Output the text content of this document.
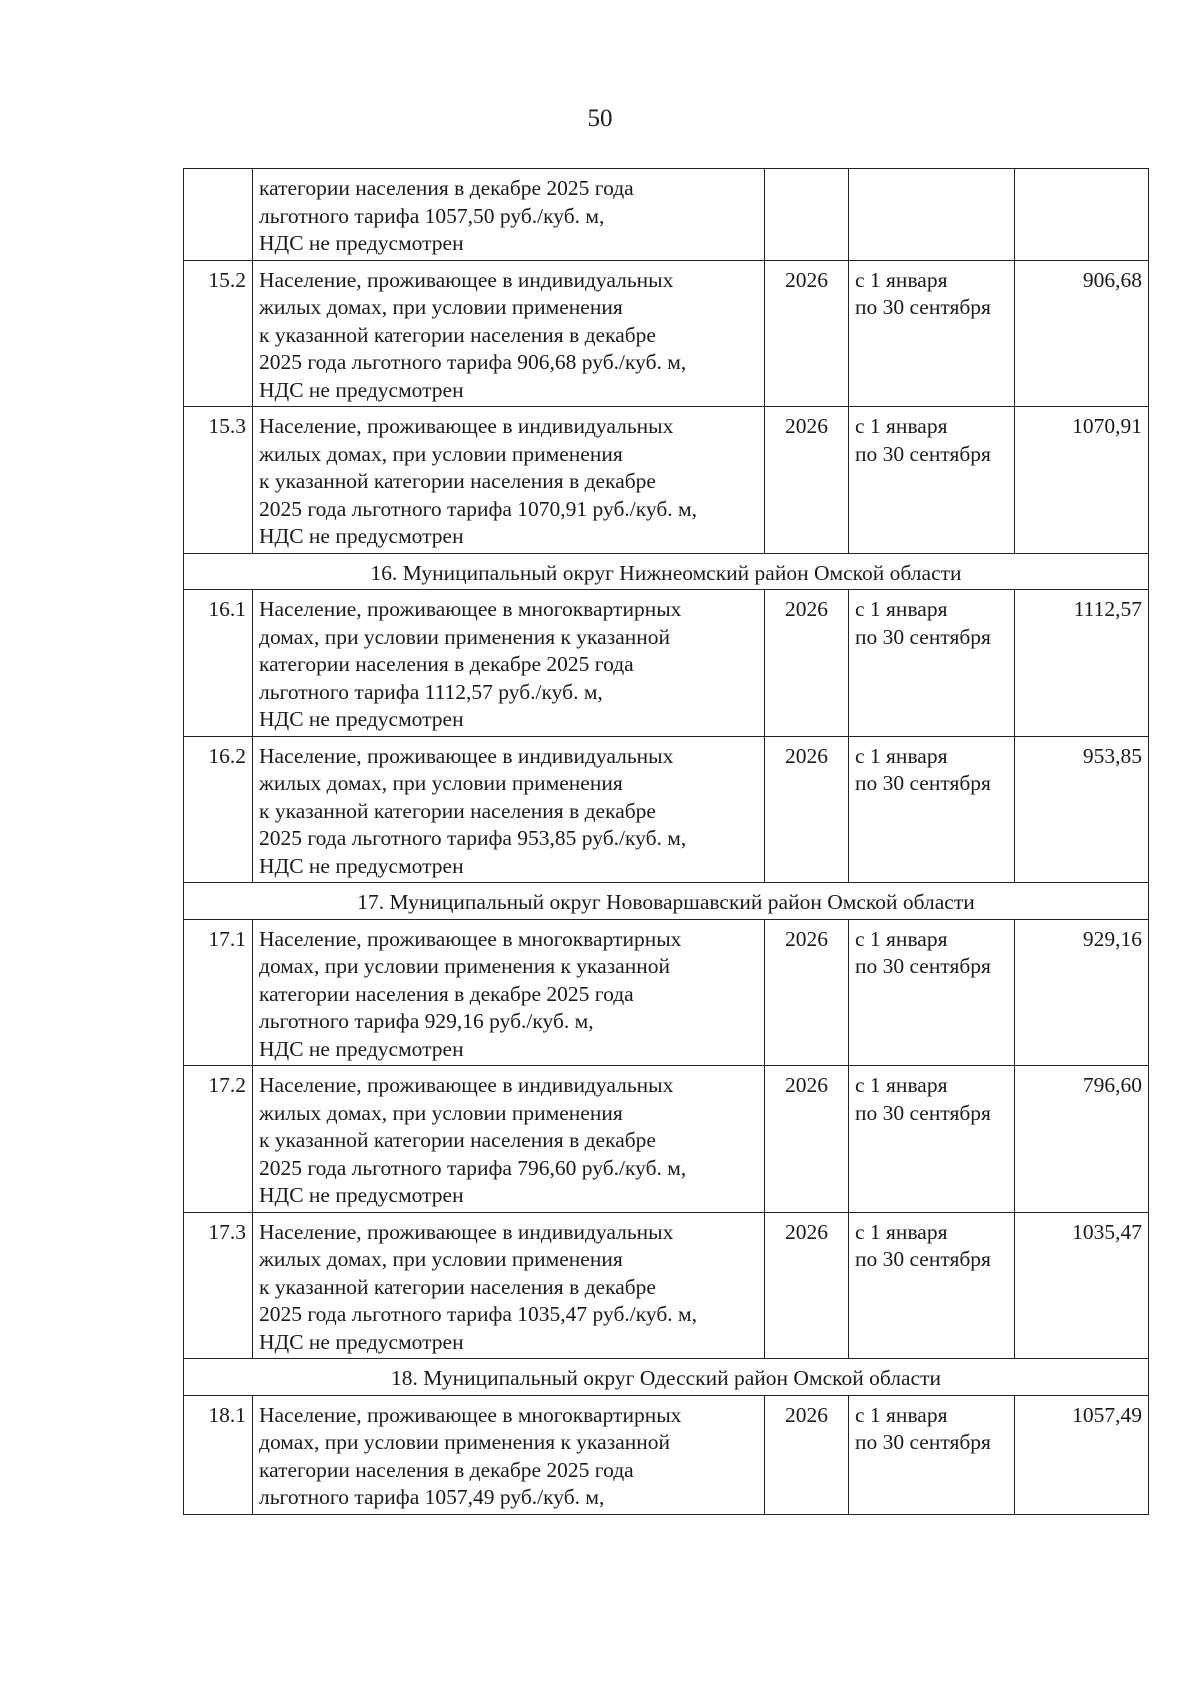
50

	категории населения в декабре 2025 года
льготного тарифа 1057,50 руб./куб. м,
НДС не предусмотрен			

15.2	Население, проживающее в индивидуальных
жилых домах, при условии применения
к указанной категории населения в декабре
2025 года льготного тарифа 906,68 руб./куб. м,
НДС не предусмотрен	2026	с 1 января
по 30 сентября	906,68
15.3	Население, проживающее в индивидуальных
жилых домах, при условии применения
к указанной категории населения в декабре
2025 года льготного тарифа 1070,91 руб./куб. м,
НДС не предусмотрен	2026	с 1 января
по 30 сентября	1070,91
16. Муниципальный округ Нижнеомский район Омской области				
16.1	Население, проживающее в многоквартирных
домах, при условии применения к указанной
категории населения в декабре 2025 года
льготного тарифа 1112,57 руб./куб. м,
НДС не предусмотрен	2026	с 1 января
по 30 сентября	1112,57
16.2	Население, проживающее в индивидуальных
жилых домах, при условии применения
к указанной категории населения в декабре
2025 года льготного тарифа 953,85 руб./куб. м,
НДС не предусмотрен	2026	с 1 января
по 30 сентября	953,85
17. Муниципальный округ Нововаршавский район Омской области				
17.1	Население, проживающее в многоквартирных
домах, при условии применения к указанной
категории населения в декабре 2025 года
льготного тарифа 929,16 руб./куб. м,
НДС не предусмотрен	2026	с 1 января
по 30 сентября	929,16
17.2	Население, проживающее в индивидуальных
жилых домах, при условии применения
к указанной категории населения в декабре
2025 года льготного тарифа 796,60 руб./куб. м,
НДС не предусмотрен	2026	с 1 января
по 30 сентября	796,60
17.3	Население, проживающее в индивидуальных
жилых домах, при условии применения
к указанной категории населения в декабре
2025 года льготного тарифа 1035,47 руб./куб. м,
НДС не предусмотрен	2026	с 1 января
по 30 сентября	1035,47
18. Муниципальный округ Одесский район Омской области				
18.1	Население, проживающее в многоквартирных
домах, при условии применения к указанной
категории населения в декабре 2025 года
льготного тарифа 1057,49 руб./куб. м,	2026	с 1 января
по 30 сентября	1057,49
